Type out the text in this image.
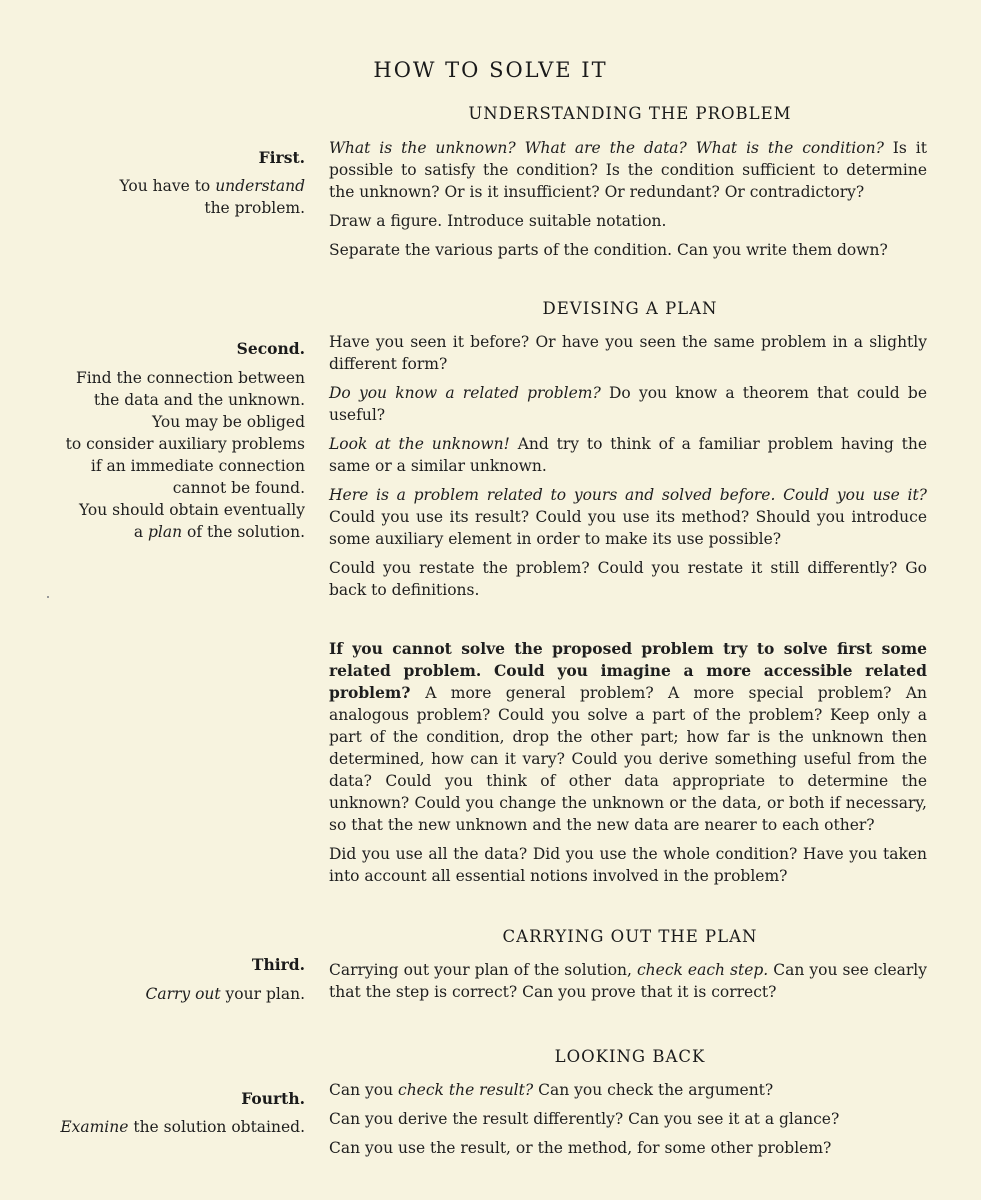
HOW TO SOLVE IT
UNDERSTANDING THE PROBLEM
First.
You have to understand
the problem.

What is the unknown? What are the data? What is the condition? Is it possible to satisfy the condition? Is the condition sufficient to determine the unknown? Or is it insufficient? Or redundant? Or contradictory?

Draw a figure. Introduce suitable notation.

Separate the various parts of the condition. Can you write them down?

DEVISING A PLAN
Second.
Find the connection between
the data and the unknown.
You may be obliged
to consider auxiliary problems
if an immediate connection
cannot be found.
You should obtain eventually
a plan of the solution.

Have you seen it before? Or have you seen the same problem in a slightly different form?

Do you know a related problem? Do you know a theorem that could be useful?

Look at the unknown! And try to think of a familiar problem having the same or a similar unknown.

Here is a problem related to yours and solved before. Could you use it? Could you use its result? Could you use its method? Should you introduce some auxiliary element in order to make its use possible?

Could you restate the problem? Could you restate it still differently? Go back to definitions.

If you cannot solve the proposed problem try to solve first some related problem. Could you imagine a more accessible related problem? A more general problem? A more special problem? An analogous problem? Could you solve a part of the problem? Keep only a part of the condition, drop the other part; how far is the unknown then determined, how can it vary? Could you derive something useful from the data? Could you think of other data appropriate to determine the unknown? Could you change the unknown or the data, or both if necessary, so that the new unknown and the new data are nearer to each other?

Did you use all the data? Did you use the whole condition? Have you taken into account all essential notions involved in the problem?

CARRYING OUT THE PLAN
Third.
Carry out your plan.

Carrying out your plan of the solution, check each step. Can you see clearly that the step is correct? Can you prove that it is correct?

LOOKING BACK
Fourth.
Examine the solution obtained.

Can you check the result? Can you check the argument?

Can you derive the result differently? Can you see it at a glance?

Can you use the result, or the method, for some other problem?
